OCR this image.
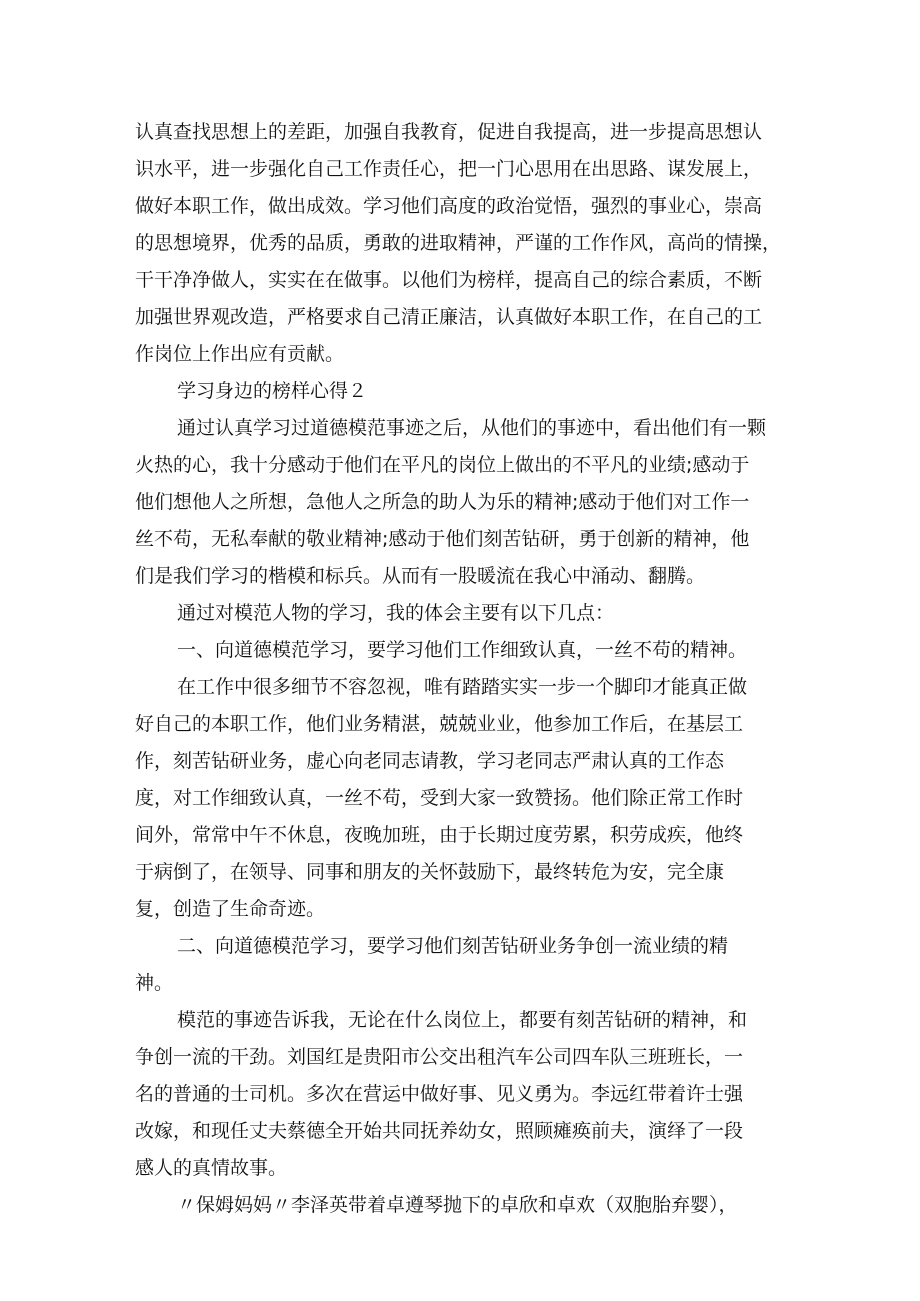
认真查找思想上的差距，加强自我教育，促进自我提高，进一步提高思想认
识水平，进一步强化自己工作责任心，把一门心思用在出思路、谋发展上，
做好本职工作，做出成效。学习他们高度的政治觉悟，强烈的事业心，崇高
的思想境界，优秀的品质，勇敢的进取精神，严谨的工作作风，高尚的情操，
干干净净做人，实实在在做事。以他们为榜样，提高自己的综合素质，不断
加强世界观改造，严格要求自己清正廉洁，认真做好本职工作，在自己的工
作岗位上作出应有贡献。
学习身边的榜样心得２
通过认真学习过道德模范事迹之后，从他们的事迹中，看出他们有一颗
火热的心，我十分感动于他们在平凡的岗位上做出的不平凡的业绩;感动于
他们想他人之所想，急他人之所急的助人为乐的精神;感动于他们对工作一
丝不苟，无私奉献的敬业精神;感动于他们刻苦钻研，勇于创新的精神，他
们是我们学习的楷模和标兵。从而有一股暖流在我心中涌动、翻腾。
通过对模范人物的学习，我的体会主要有以下几点：
一、向道德模范学习，要学习他们工作细致认真，一丝不苟的精神。
在工作中很多细节不容忽视，唯有踏踏实实一步一个脚印才能真正做
好自己的本职工作，他们业务精湛，兢兢业业，他参加工作后，在基层工
作，刻苦钻研业务，虚心向老同志请教，学习老同志严肃认真的工作态
度，对工作细致认真，一丝不苟，受到大家一致赞扬。他们除正常工作时
间外，常常中午不休息，夜晚加班，由于长期过度劳累，积劳成疾，他终
于病倒了，在领导、同事和朋友的关怀鼓励下，最终转危为安，完全康
复，创造了生命奇迹。
二、向道德模范学习，要学习他们刻苦钻研业务争创一流业绩的精
神。
模范的事迹告诉我，无论在什么岗位上，都要有刻苦钻研的精神，和
争创一流的干劲。刘国红是贵阳市公交出租汽车公司四车队三班班长，一
名的普通的士司机。多次在营运中做好事、见义勇为。李远红带着许士强
改嫁，和现任丈夫蔡德全开始共同抚养幼女，照顾瘫痪前夫，演绎了一段
感人的真情故事。
〃保姆妈妈〃李泽英带着卓遵琴抛下的卓欣和卓欢（双胞胎弃婴），
